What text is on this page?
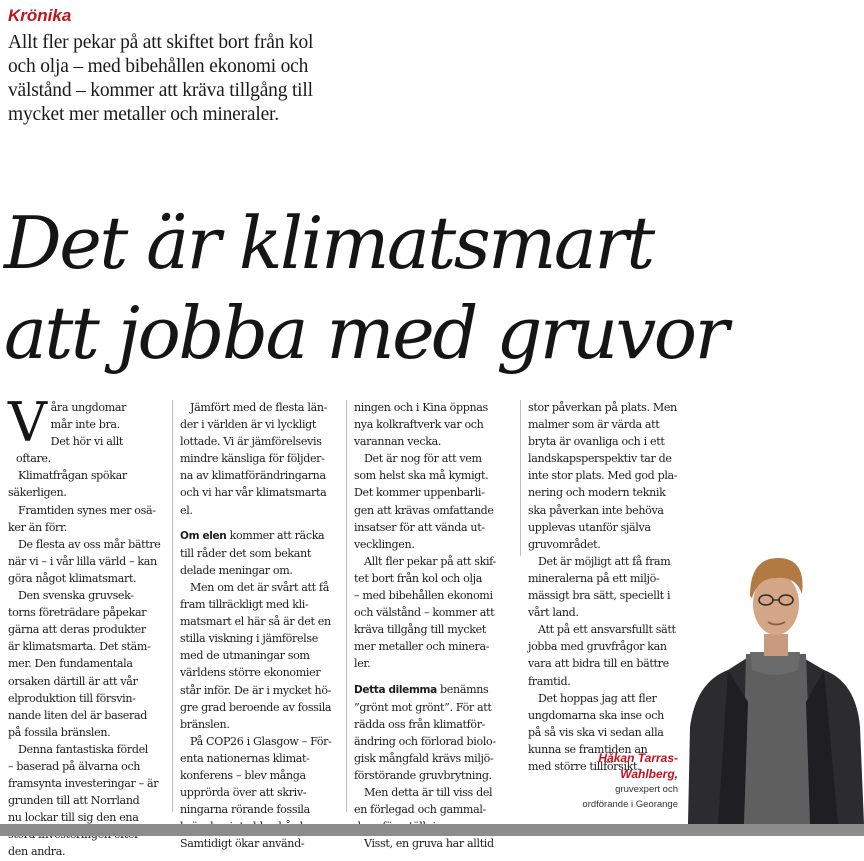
Krönika
Allt fler pekar på att skiftet bort från kol
och olja – med bibehållen ekonomi och
välstånd – kommer att kräva tillgång till
mycket mer metaller och mineraler.
Det är klimatsmart
att jobba med gruvor
V åra ungdomar

mår inte bra.

Det hör vi allt

oftare.

Klimatfrågan spökar

säkerligen.

Framtiden synes mer osä-

ker än förr.

De flesta av oss mår bättre

när vi – i vår lilla värld – kan

göra något klimatsmart.

Den svenska gruvsek-

torns företrädare påpekar

gärna att deras produkter

är klimatsmarta. Det stäm-

mer. Den fundamentala

orsaken därtill är att vår

elproduktion till försvin-

nande liten del är baserad

på fossila bränslen.

Denna fantastiska fördel

– baserad på älvarna och

framsynta investeringar – är

grunden till att Norrland

nu lockar till sig den ena

den andra.

Jämfört med de flesta län-

der i världen är vi lyckligt

lottade. Vi är jämförelsevis

mindre känsliga för följder-

na av klimatförändringarna

och vi har vår klimatsmarta

el.

Om elen kommer att räcka

till råder det som bekant

delade meningar om.

Men om det är svårt att få

fram tillräckligt med kli-

matsmart el här så är det en

stilla viskning i jämförelse

med de utmaningar som

världens större ekonomier

står inför. De är i mycket hö-

gre grad beroende av fossila

bränslen.

På COP26 i Glasgow – För-

enta nationernas klimat-

konferens – blev många

upprörda över att skriv-

ningarna rörande fossila

Samtidigt ökar använd-

ningen och i Kina öppnas

nya kolkraftverk var och

varannan vecka.

Det är nog för att vem

som helst ska må kymigt.

Det kommer uppenbarli-

gen att krävas omfattande

insatser för att vända ut-

vecklingen.

Allt fler pekar på att skif-

tet bort från kol och olja

– med bibehållen ekonomi

och välstånd – kommer att

kräva tillgång till mycket

mer metaller och minera-

ler.

Detta dilemma benämns

”grönt mot grönt”. För att

rädda oss från klimatför-

ändring och förlorad biolo-

gisk mångfald krävs miljö-

förstörande gruvbrytning.

Men detta är till viss del

en förlegad och gammal-

Visst, en gruva har alltid

stor påverkan på plats. Men

malmer som är värda att

bryta är ovanliga och i ett

landskapsperspektiv tar de

inte stor plats. Med god pla-

nering och modern teknik

ska påverkan inte behöva

upplevas utanför själva

gruvområdet.

Det är möjligt att få fram

mineralerna på ett miljö-

mässigt bra sätt, speciellt i

vårt land.

Att på ett ansvarsfullt sätt

jobba med gruvfrågor kan

vara att bidra till en bättre

framtid.

Det hoppas jag att fler

ungdomarna ska inse och

på så vis ska vi sedan alla

kunna se framtiden an

med större tillförsikt.

Håkan Tarras-
Wahlberg,
gruvexpert och
ordförande i Georange
